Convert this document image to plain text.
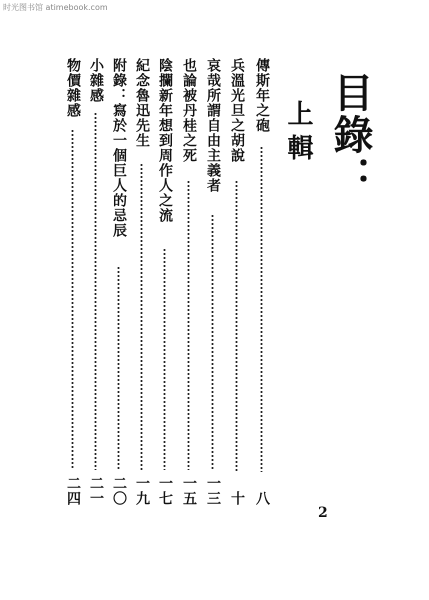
时光图书馆 atimebook.com
目錄：
上輯
傳斯年之砲
八
兵溫光旦之胡說
十
哀哉所謂自由主義者
一三
也論被丹桂之死
一五
陰攔新年想到周作人之流
一七
紀念魯迅先生
一九
附錄：寫於一個巨人的忌辰
二〇
小雜感
二一
物價雜感
二四
2
